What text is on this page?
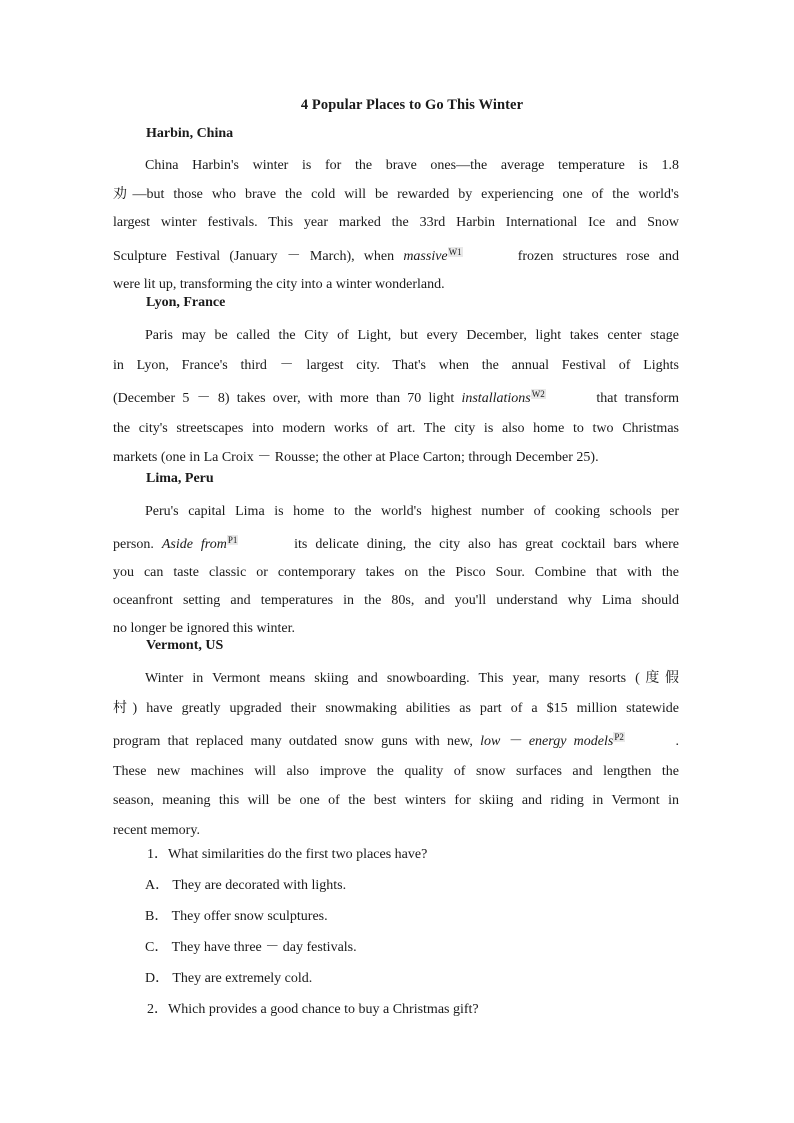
4 Popular Places to Go This Winter
Harbin, China
China Harbin's winter is for the brave ones—the average temperature is 1.8
劝—but those who brave the cold will be rewarded by experiencing one of the world's
largest winter festivals. This year marked the 33rd Harbin International Ice and Snow
Sculpture Festival (January － March), when massive$^{W1}$	frozen structures rose and
were lit up, transforming the city into a winter wonderland.
Lyon, France
Paris may be called the City of Light, but every December, light takes center stage
in Lyon, France's third － largest city. That's when the annual Festival of Lights
(December 5 － 8) takes over, with more than 70 light installations$^{W2}$	that transform
the city's streetscapes into modern works of art. The city is also home to two Christmas
markets (one in La Croix － Rousse; the other at Place Carton; through December 25).
Lima, Peru
Peru's capital Lima is home to the world's highest number of cooking schools per
person. Aside from$^{P1}$	its delicate dining, the city also has great cocktail bars where
you can taste classic or contemporary takes on the Pisco Sour. Combine that with the
oceanfront setting and temperatures in the 80s, and you'll understand why Lima should
no longer be ignored this winter.
Vermont, US
Winter in Vermont means skiing and snowboarding. This year, many resorts (度假
村) have greatly upgraded their snowmaking abilities as part of a $15 million statewide
program that replaced many outdated snow guns with new, low － energy models$^{P2}$	.
These new machines will also improve the quality of snow surfaces and lengthen the
season, meaning this will be one of the best winters for skiing and riding in Vermont in
recent memory.
1．What similarities do the first two places have?
A． They are decorated with lights.
B． They offer snow sculptures.
C． They have three － day festivals.
D． They are extremely cold.
2．Which provides a good chance to buy a Christmas gift?
